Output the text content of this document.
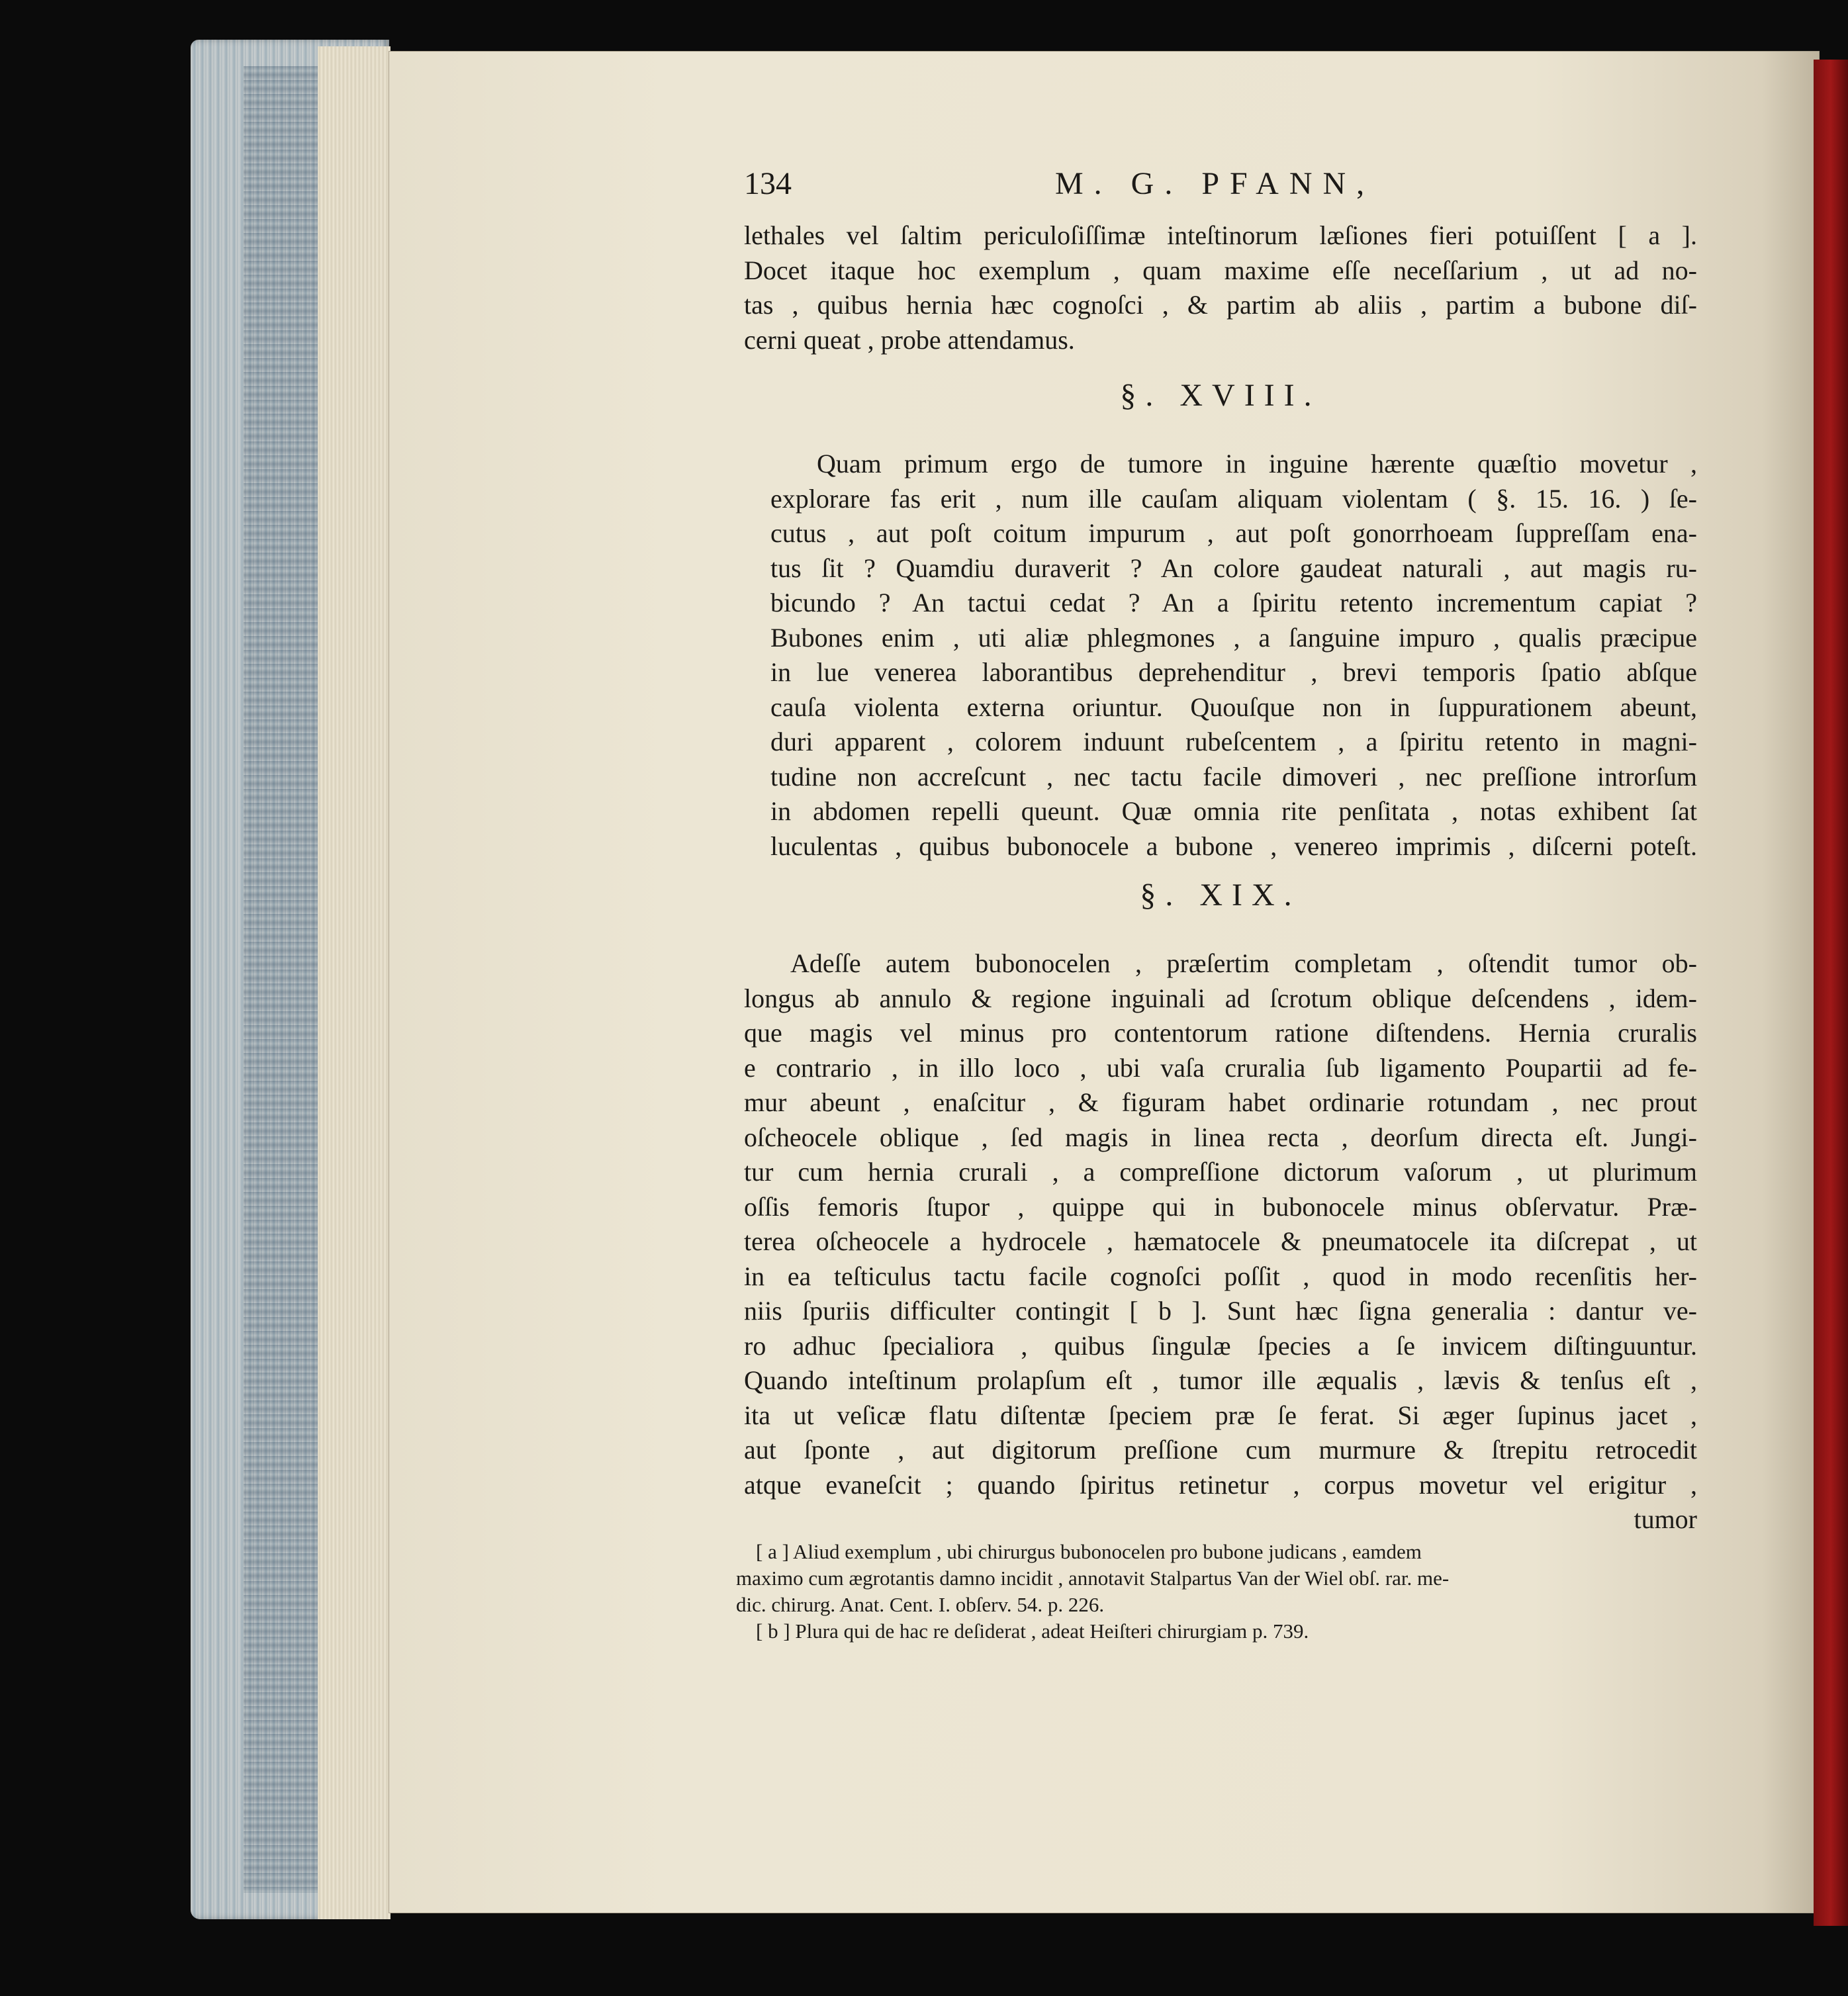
134	M. G. PFANN,
lethales vel ſaltim periculoſiſſimæ inteſtinorum læſiones fieri potuiſſent [ a ].
Docet itaque hoc exemplum , quam maxime eſſe neceſſarium , ut ad no-
tas , quibus hernia hæc cognoſci , & partim ab aliis , partim a bubone diſ-
cerni queat , probe attendamus.
§. XVIII.
Quam primum ergo de tumore in inguine hærente quæſtio movetur ,
explorare fas erit , num ille cauſam aliquam violentam ( §. 15. 16. ) ſe-
cutus , aut poſt coitum impurum , aut poſt gonorrhoeam ſuppreſſam ena-
tus ſit ? Quamdiu duraverit ? An colore gaudeat naturali , aut magis ru-
bicundo ? An tactui cedat ? An a ſpiritu retento incrementum capiat ?
Bubones enim , uti aliæ phlegmones , a ſanguine impuro , qualis præcipue
in lue venerea laborantibus deprehenditur , brevi temporis ſpatio abſque
cauſa violenta externa oriuntur. Quouſque non in ſuppurationem abeunt,
duri apparent , colorem induunt rubeſcentem , a ſpiritu retento in magni-
tudine non accreſcunt , nec tactu facile dimoveri , nec preſſione introrſum
in abdomen repelli queunt. Quæ omnia rite penſitata , notas exhibent ſat
luculentas , quibus bubonocele a bubone , venereo imprimis , diſcerni poteſt.
§. XIX.
Adeſſe autem bubonocelen , præſertim completam , oſtendit tumor ob-
longus ab annulo & regione inguinali ad ſcrotum oblique deſcendens , idem-
que magis vel minus pro contentorum ratione diſtendens. Hernia cruralis
e contrario , in illo loco , ubi vaſa cruralia ſub ligamento Poupartii ad fe-
mur abeunt , enaſcitur , & figuram habet ordinarie rotundam , nec prout
oſcheocele oblique , ſed magis in linea recta , deorſum directa eſt. Jungi-
tur cum hernia crurali , a compreſſione dictorum vaſorum , ut plurimum
oſſis femoris ſtupor , quippe qui in bubonocele minus obſervatur. Præ-
terea oſcheocele a hydrocele , hæmatocele & pneumatocele ita diſcrepat , ut
in ea teſticulus tactu facile cognoſci poſſit , quod in modo recenſitis her-
niis ſpuriis difficulter contingit [ b ]. Sunt hæc ſigna generalia : dantur ve-
ro adhuc ſpecialiora , quibus ſingulæ ſpecies a ſe invicem diſtinguuntur.
Quando inteſtinum prolapſum eſt , tumor ille æqualis , lævis & tenſus eſt ,
ita ut veſicæ flatu diſtentæ ſpeciem præ ſe ferat. Si æger ſupinus jacet ,
aut ſponte , aut digitorum preſſione cum murmure & ſtrepitu retrocedit
atque evaneſcit ; quando ſpiritus retinetur , corpus movetur vel erigitur ,
tumor
[ a ] Aliud exemplum , ubi chirurgus bubonocelen pro bubone judicans , eamdem
maximo cum ægrotantis damno incidit , annotavit Stalpartus Van der Wiel obſ. rar. me-
dic. chirurg. Anat. Cent. I. obſerv. 54. p. 226.
[ b ] Plura qui de hac re deſiderat , adeat Heiſteri chirurgiam p. 739.
